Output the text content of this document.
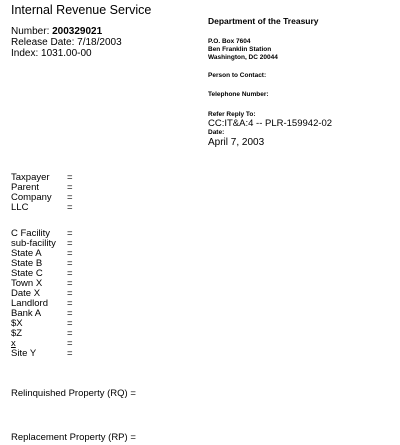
Internal Revenue Service
Number: 200329021
Release Date: 7/18/2003
Index: 1031.00-00
Department of the Treasury
P.O. Box 7604
Ben Franklin Station
Washington, DC 20044
Person to Contact:
Telephone Number:
Refer Reply To:
CC:IT&A:4 -- PLR-159942-02
Date:
April 7, 2003
Taxpayer =
Parent	=
Company =
LLC	=
C Facility =
sub-facility =
State A	=
State B	=
State C	=
Town X	=
Date X	=
Landlord =
Bank A	=
$X	=
$Z	=
x	=
Site Y	=
Relinquished Property (RQ) =
Replacement Property (RP) =
